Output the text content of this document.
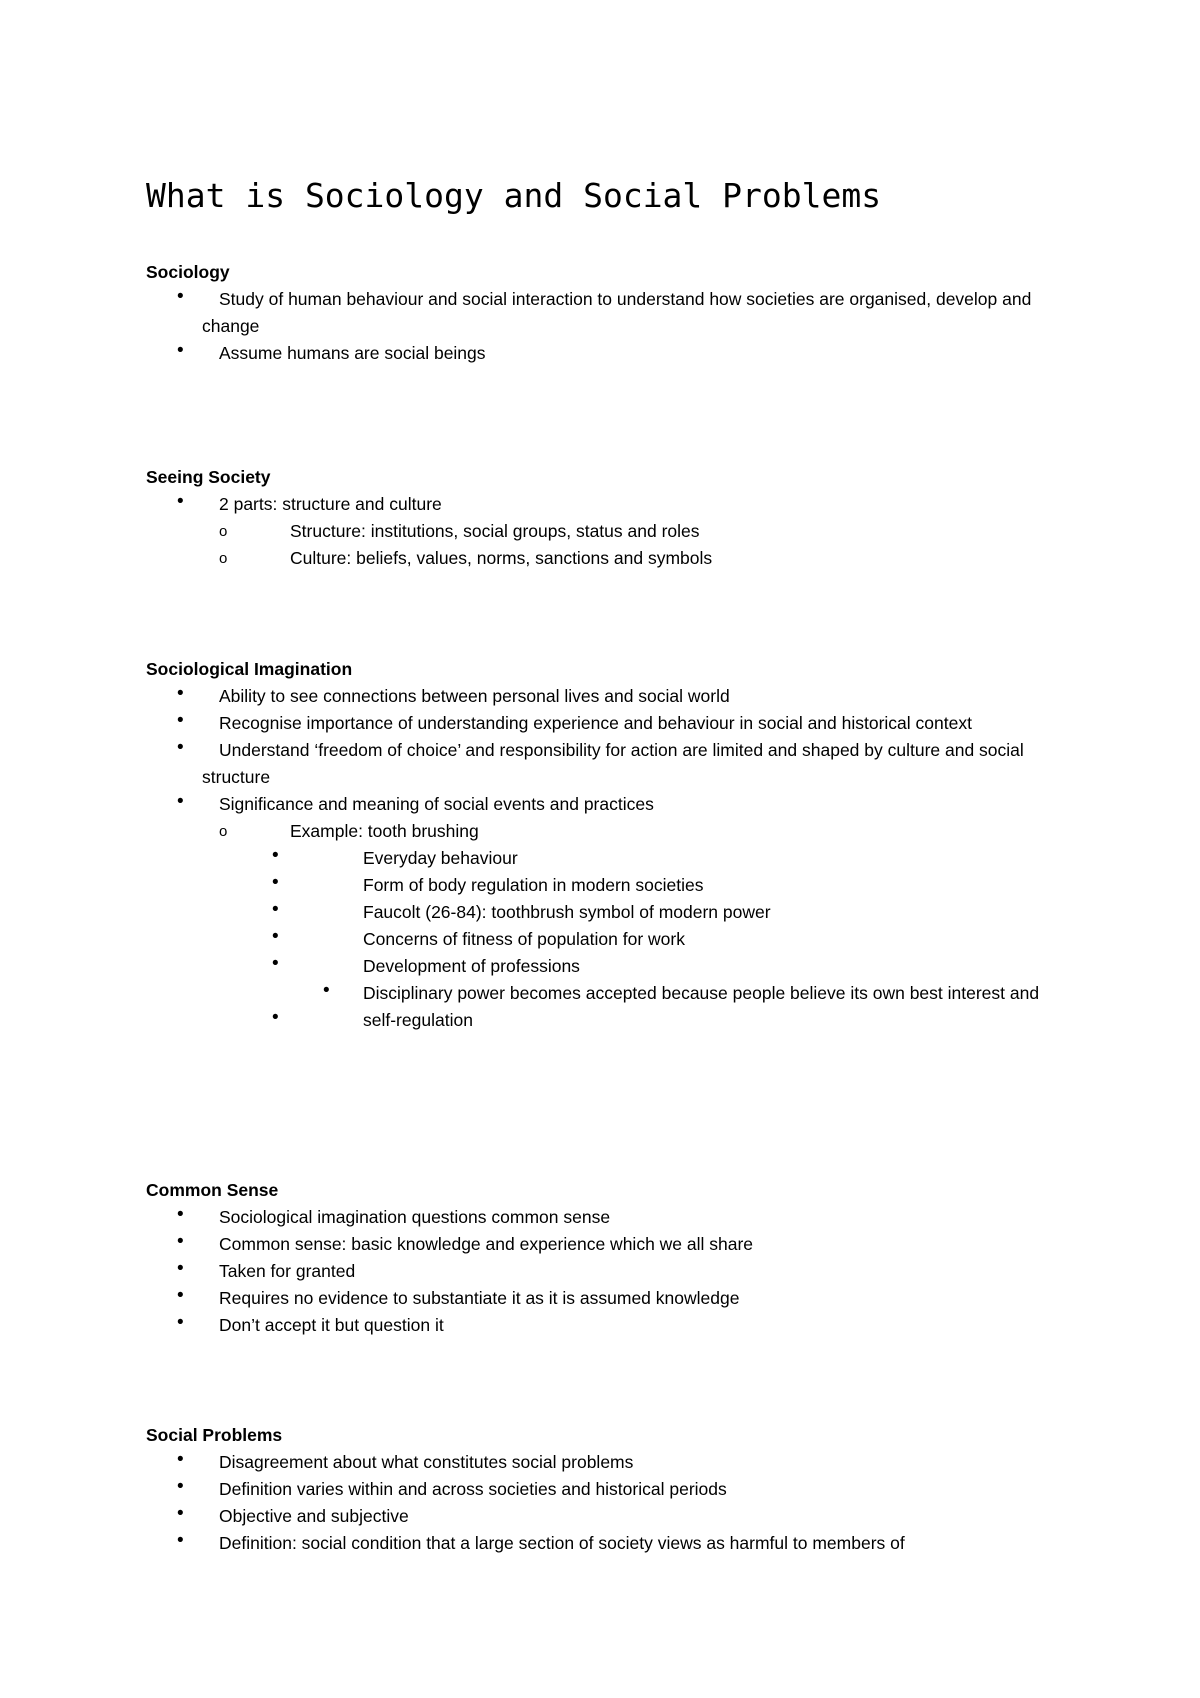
What is Sociology and Social Problems
Sociology
• Study of human behaviour and social interaction to understand how societies are organised, develop and change
• Assume humans are social beings
Seeing Society
• 2 parts: structure and culture
o	Structure: institutions, social groups, status and roles
o	Culture: beliefs, values, norms, sanctions and symbols
Sociological Imagination
• Ability to see connections between personal lives and social world
• Recognise importance of understanding experience and behaviour in social and historical context
• Understand ‘freedom of choice’ and responsibility for action are limited and shaped by culture and social structure
• Significance and meaning of social events and practices
o	Example: tooth brushing
•	Everyday behaviour
•	Form of body regulation in modern societies
•	Faucolt (26-84): toothbrush symbol of modern power
•	Concerns of fitness of population for work
•	Development of professions
• Disciplinary power becomes accepted because people believe its own best interest and
•	self-regulation
Common Sense
• Sociological imagination questions common sense
• Common sense: basic knowledge and experience which we all share
• Taken for granted
• Requires no evidence to substantiate it as it is assumed knowledge
• Don’t accept it but question it
Social Problems
• Disagreement about what constitutes social problems
• Definition varies within and across societies and historical periods
• Objective and subjective
• Definition: social condition that a large section of society views as harmful to members of
